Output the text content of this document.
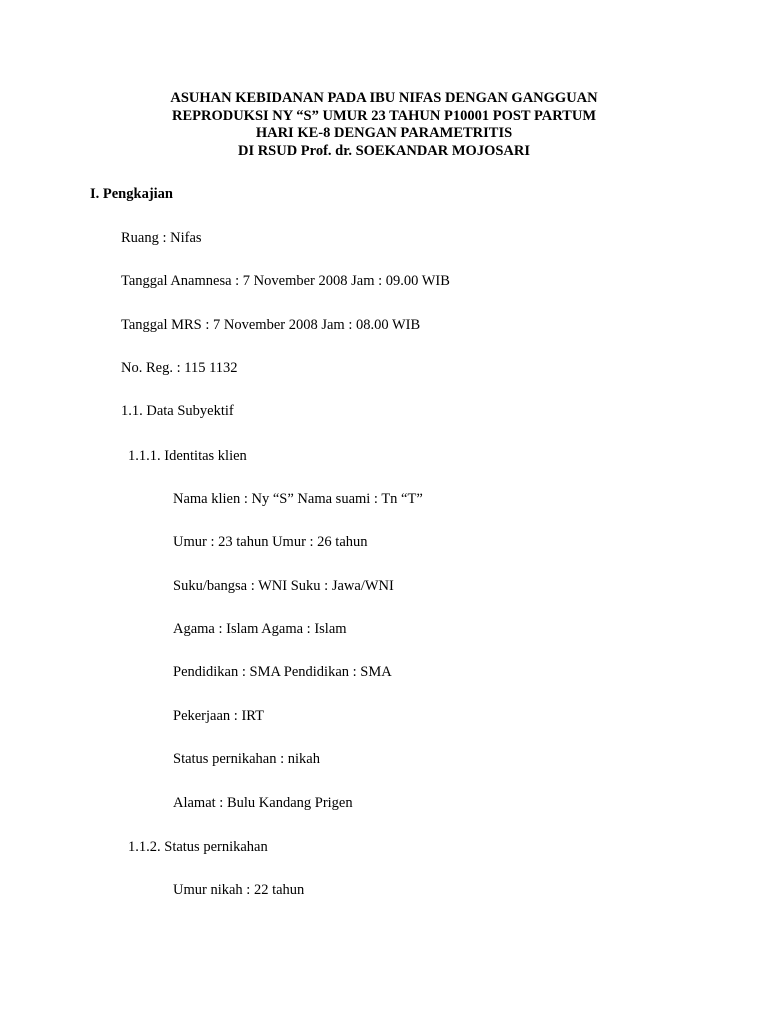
ASUHAN KEBIDANAN PADA IBU NIFAS DENGAN GANGGUAN
REPRODUKSI NY “S” UMUR 23 TAHUN P10001 POST PARTUM
HARI KE-8 DENGAN PARAMETRITIS
DI RSUD Prof. dr. SOEKANDAR MOJOSARI
I. Pengkajian
Ruang : Nifas
Tanggal Anamnesa : 7 November 2008 Jam : 09.00 WIB
Tanggal MRS : 7 November 2008 Jam : 08.00 WIB
No. Reg. : 115 1132
1.1. Data Subyektif
1.1.1. Identitas klien
Nama klien : Ny “S” Nama suami : Tn “T”
Umur : 23 tahun Umur : 26 tahun
Suku/bangsa : WNI Suku : Jawa/WNI
Agama : Islam Agama : Islam
Pendidikan : SMA Pendidikan : SMA
Pekerjaan : IRT
Status pernikahan : nikah
Alamat : Bulu Kandang Prigen
1.1.2. Status pernikahan
Umur nikah : 22 tahun
